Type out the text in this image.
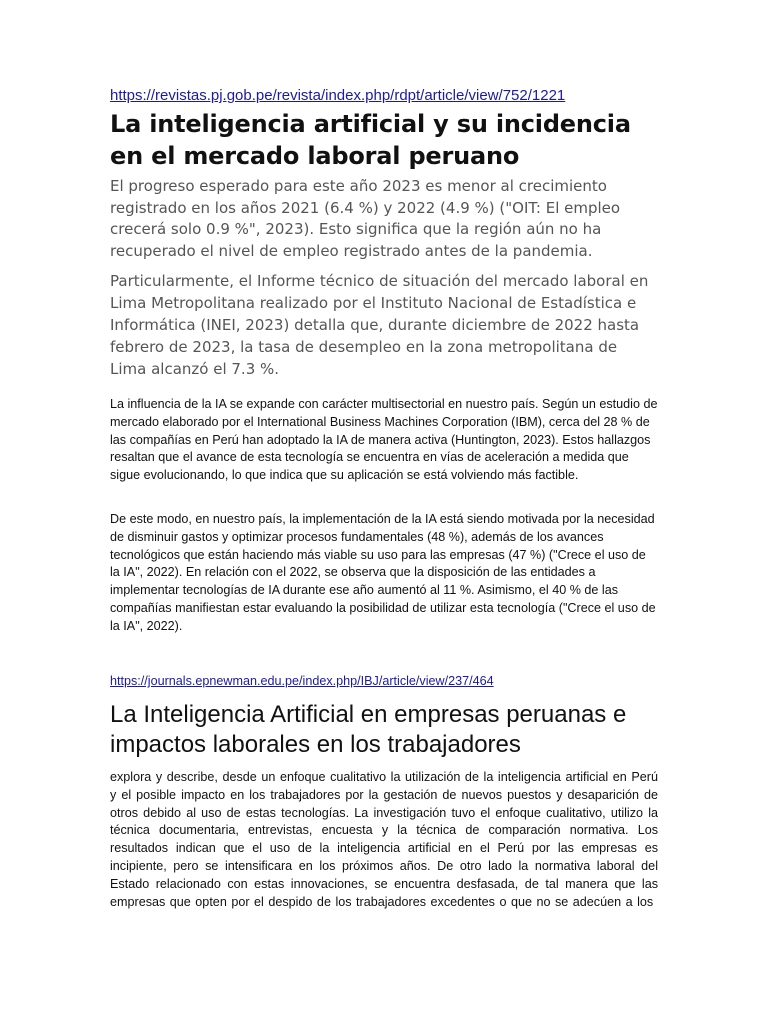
https://revistas.pj.gob.pe/revista/index.php/rdpt/article/view/752/1221
La inteligencia artificial y su incidencia en el mercado laboral peruano

El progreso esperado para este año 2023 es menor al crecimiento registrado en los años 2021 (6.4 %) y 2022 (4.9 %) ("OIT: El empleo crecerá solo 0.9 %", 2023). Esto significa que la región aún no ha recuperado el nivel de empleo registrado antes de la pandemia.

Particularmente, el Informe técnico de situación del mercado laboral en Lima Metropolitana realizado por el Instituto Nacional de Estadística e Informática (INEI, 2023) detalla que, durante diciembre de 2022 hasta febrero de 2023, la tasa de desempleo en la zona metropolitana de Lima alcanzó el 7.3 %.

La influencia de la IA se expande con carácter multisectorial en nuestro país. Según un estudio de mercado elaborado por el International Business Machines Corporation (IBM), cerca del 28 % de las compañías en Perú han adoptado la IA de manera activa (Huntington, 2023). Estos hallazgos resaltan que el avance de esta tecnología se encuentra en vías de aceleración a medida que sigue evolucionando, lo que indica que su aplicación se está volviendo más factible.

De este modo, en nuestro país, la implementación de la IA está siendo motivada por la necesidad de disminuir gastos y optimizar procesos fundamentales (48 %), además de los avances tecnológicos que están haciendo más viable su uso para las empresas (47 %) ("Crece el uso de la IA", 2022). En relación con el 2022, se observa que la disposición de las entidades a implementar tecnologías de IA durante ese año aumentó al 11 %. Asimismo, el 40 % de las compañías manifiestan estar evaluando la posibilidad de utilizar esta tecnología ("Crece el uso de la IA", 2022).

https://journals.epnewman.edu.pe/index.php/IBJ/article/view/237/464
La Inteligencia Artificial en empresas peruanas e impactos laborales en los trabajadores

explora y describe, desde un enfoque cualitativo la utilización de la inteligencia artificial en Perú y el posible impacto en los trabajadores por la gestación de nuevos puestos y desaparición de otros debido al uso de estas tecnologías. La investigación tuvo el enfoque cualitativo, utilizo la técnica documentaria, entrevistas, encuesta y la técnica de comparación normativa. Los resultados indican que el uso de la inteligencia artificial en el Perú por las empresas es incipiente, pero se intensificara en los próximos años. De otro lado la normativa laboral del Estado relacionado con estas innovaciones, se encuentra desfasada, de tal manera que las empresas que opten por el despido de los trabajadores excedentes o que no se adecúen a los
